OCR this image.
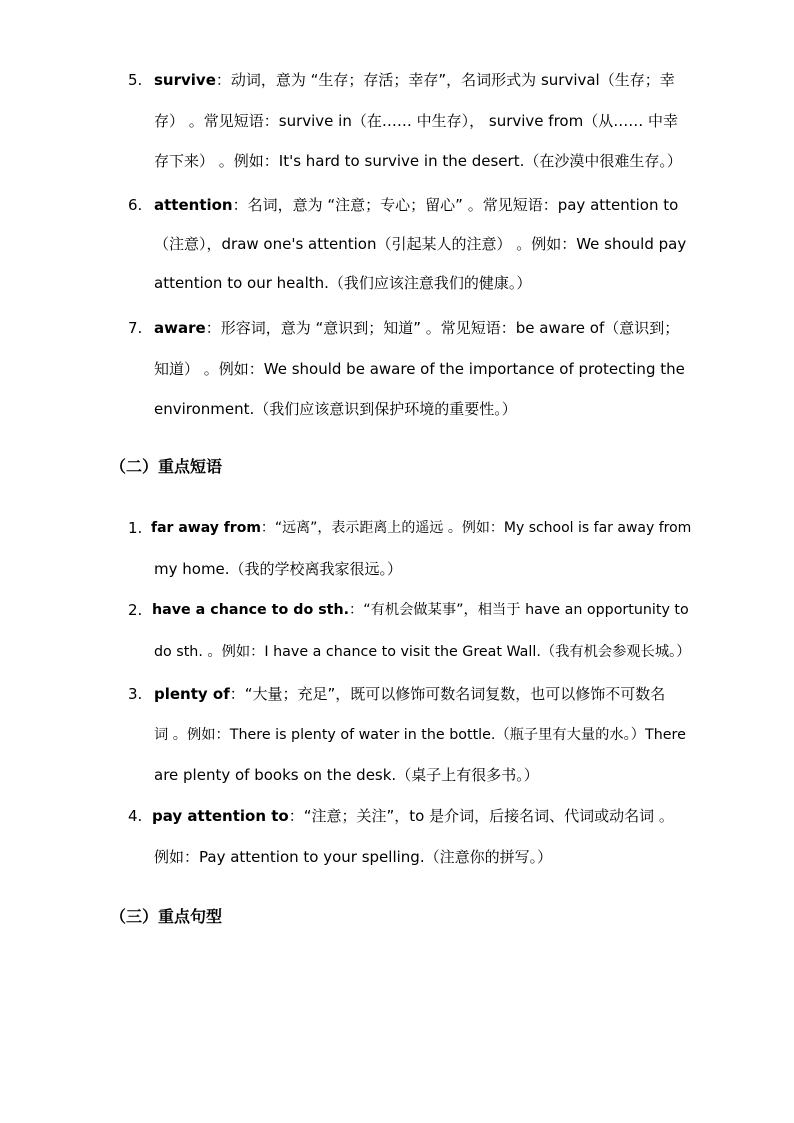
5. survive：动词，意为 “生存；存活；幸存”，名词形式为 survival（生存；幸
存） 。常见短语：survive in（在…… 中生存）， survive from（从…… 中幸
存下来） 。例如：It's hard to survive in the desert.（在沙漠中很难生存。）
6. attention：名词，意为 “注意；专心；留心” 。常见短语：pay attention to
（注意），draw one's attention（引起某人的注意） 。例如：We should pay
attention to our health.（我们应该注意我们的健康。）
7. aware：形容词，意为 “意识到；知道” 。常见短语：be aware of（意识到；
知道） 。例如：We should be aware of the importance of protecting the
environment.（我们应该意识到保护环境的重要性。）
（二）重点短语
1. far away from：“远离”，表示距离上的遥远 。例如：My school is far away from
my home.（我的学校离我家很远。）
2. have a chance to do sth.：“有机会做某事”，相当于 have an opportunity to
do sth. 。例如：I have a chance to visit the Great Wall.（我有机会参观长城。）
3. plenty of：“大量；充足”，既可以修饰可数名词复数，也可以修饰不可数名
词 。例如：There is plenty of water in the bottle.（瓶子里有大量的水。）There
are plenty of books on the desk.（桌子上有很多书。）
4. pay attention to：“注意；关注”，to 是介词，后接名词、代词或动名词 。
例如：Pay attention to your spelling.（注意你的拼写。）
（三）重点句型
